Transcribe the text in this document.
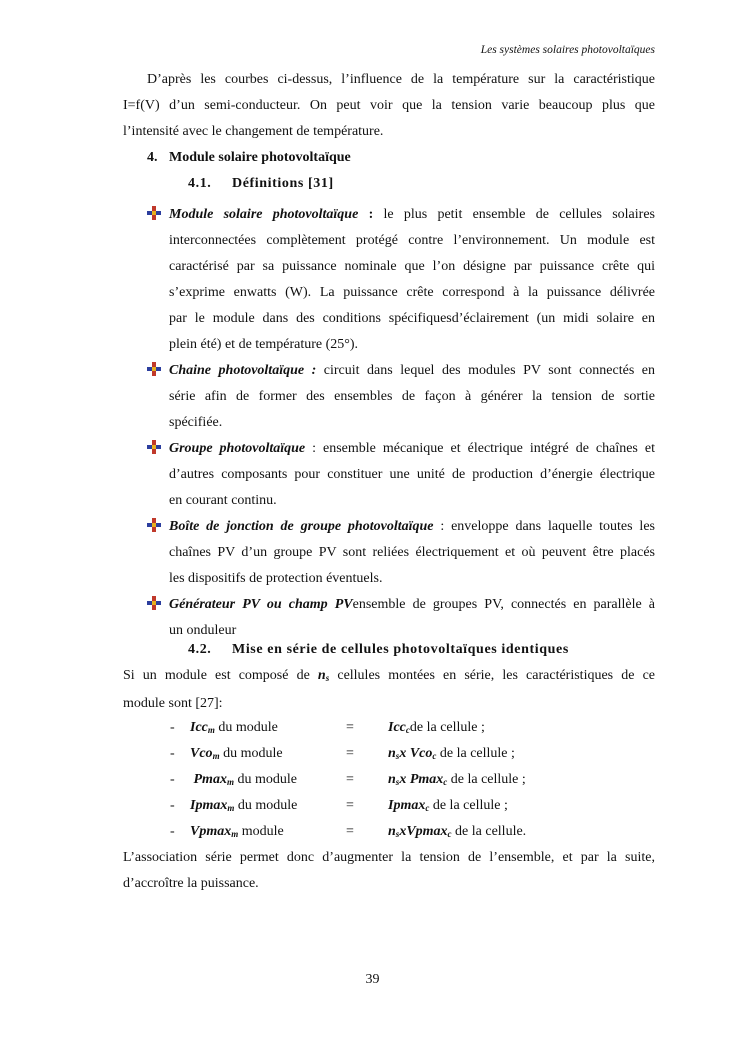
Les systèmes solaires photovoltaïques
D’après les courbes ci-dessus, l’influence de la température sur la caractéristique
I=f(V) d’un semi-conducteur. On peut voir que la tension varie beaucoup plus que
l’intensité avec le changement de température.
4. Module solaire photovoltaïque
4.1. Définitions [31]
Module solaire photovoltaïque : le plus petit ensemble de cellules solaires
interconnectées complètement protégé contre l’environnement. Un module est
caractérisé par sa puissance nominale que l’on désigne par puissance crête qui
s’exprime enwatts (W). La puissance crête correspond à la puissance délivrée
par le module dans des conditions spécifiquesd’éclairement (un midi solaire en
plein été) et de température (25°).
Chaine photovoltaïque : circuit dans lequel des modules PV sont connectés en
série afin de former des ensembles de façon à générer la tension de sortie
spécifiée.
Groupe photovoltaïque : ensemble mécanique et électrique intégré de chaînes et
d’autres composants pour constituer une unité de production d’énergie électrique
en courant continu.
Boîte de jonction de groupe photovoltaïque : enveloppe dans laquelle toutes les
chaînes PV d’un groupe PV sont reliées électriquement et où peuvent être placés
les dispositifs de protection éventuels.
Générateur PV ou champ PVensemble de groupes PV, connectés en parallèle à
un onduleur
4.2. Mise en série de cellules photovoltaïques identiques
Si un module est composé de $n_s$ cellules montées en série, les caractéristiques de ce
module sont [27]:
- Icc$_m$ du module	= Icc$_c$de la cellule ;
- Vco$_m$ du module	= $n_sx$ Vco$_c$ de la cellule ;
- Pmax$_m$ du module	= $n_sx$ Pmax$_c$ de la cellule ;
- Ipmax$_m$ du module	= Ipmax$_c$ de la cellule ;
- Vpmax$_m$ module	= $n_sxVpmax_c$ de la cellule.
L’association série permet donc d’augmenter la tension de l’ensemble, et par la suite,
d’accroître la puissance.
39
